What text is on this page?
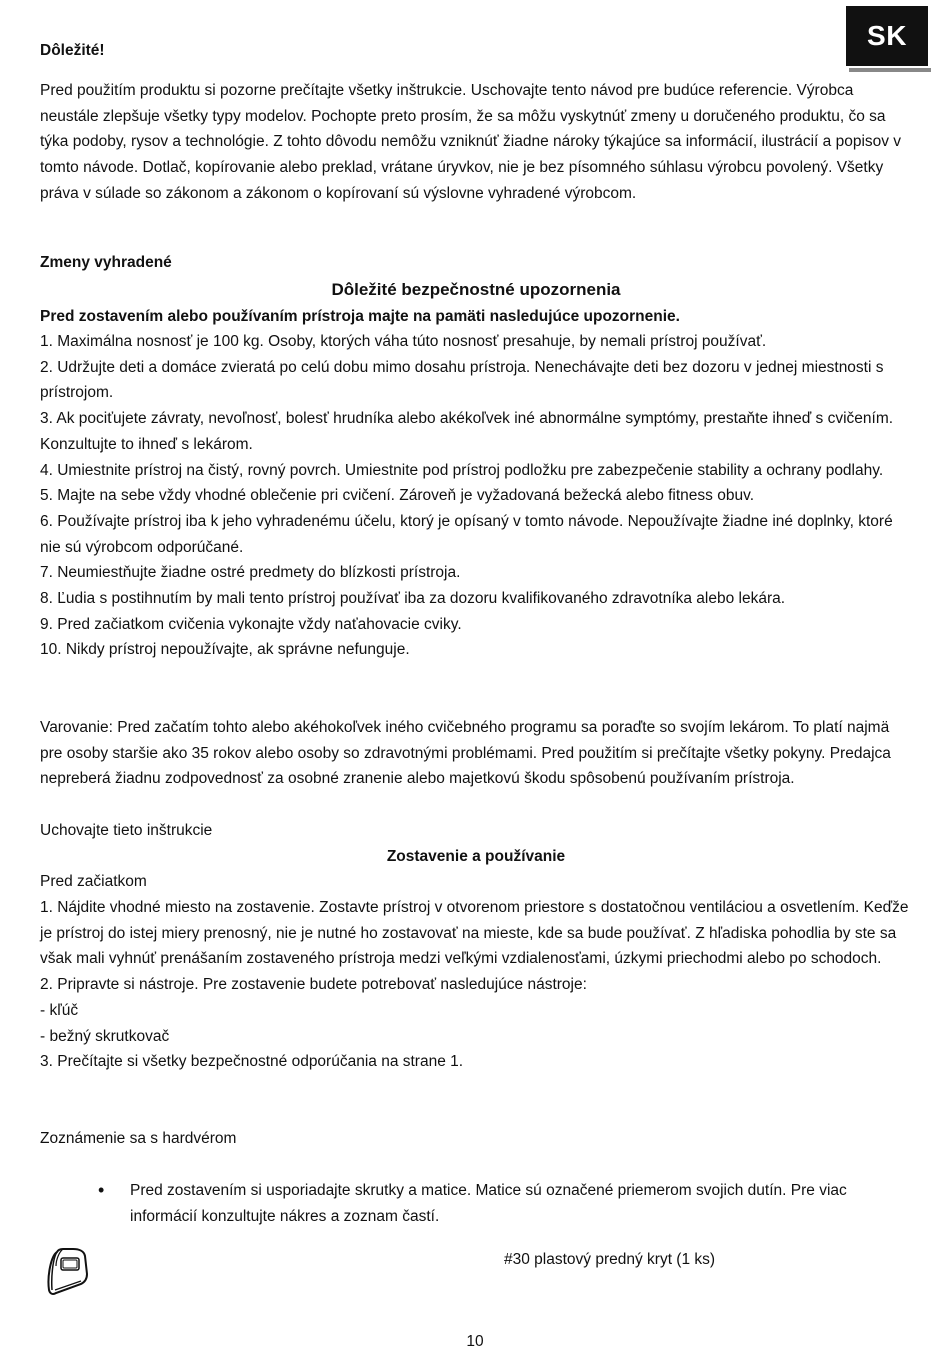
SK
Dôležité!

Pred použitím produktu si pozorne prečítajte všetky inštrukcie. Uschovajte tento návod pre budúce referencie. Výrobca neustále zlepšuje všetky typy modelov. Pochopte preto prosím, že sa môžu vyskytnúť zmeny u doručeného produktu, čo sa týka podoby, rysov a technológie. Z tohto dôvodu nemôžu vzniknúť žiadne nároky týkajúce sa informácií, ilustrácií a popisov v tomto návode. Dotlač, kopírovanie alebo preklad, vrátane úryvkov, nie je bez písomného súhlasu výrobcu povolený. Všetky práva v súlade so zákonom a zákonom o kopírovaní sú výslovne vyhradené výrobcom.

Zmeny vyhradené
Dôležité bezpečnostné upozornenia
Pred zostavením alebo používaním prístroja majte na pamäti nasledujúce upozornenie.
1. Maximálna nosnosť je 100 kg. Osoby, ktorých váha túto nosnosť presahuje, by nemali prístroj používať.
2. Udržujte deti a domáce zvieratá po celú dobu mimo dosahu prístroja. Nenechávajte deti bez dozoru v jednej miestnosti s prístrojom.
3. Ak pociťujete závraty, nevoľnosť, bolesť hrudníka alebo akékoľvek iné abnormálne symptómy, prestaňte ihneď s cvičením. Konzultujte to ihneď s lekárom.
4. Umiestnite prístroj na čistý, rovný povrch. Umiestnite pod prístroj podložku pre zabezpečenie stability a ochrany podlahy.
5. Majte na sebe vždy vhodné oblečenie pri cvičení. Zároveň je vyžadovaná bežecká alebo fitness obuv.
6. Používajte prístroj iba k jeho vyhradenému účelu, ktorý je opísaný v tomto návode. Nepoužívajte žiadne iné doplnky, ktoré nie sú výrobcom odporúčané.
7. Neumiestňujte žiadne ostré predmety do blízkosti prístroja.
8. Ľudia s postihnutím by mali tento prístroj používať iba za dozoru kvalifikovaného zdravotníka alebo lekára.
9. Pred začiatkom cvičenia vykonajte vždy naťahovacie cviky.
10. Nikdy prístroj nepoužívajte, ak správne nefunguje.

Varovanie: Pred začatím tohto alebo akéhokoľvek iného cvičebného programu sa poraďte so svojím lekárom. To platí najmä pre osoby staršie ako 35 rokov alebo osoby so zdravotnými problémami. Pred použitím si prečítajte všetky pokyny. Predajca nepreberá žiadnu zodpovednosť za osobné zranenie alebo majetkovú škodu spôsobenú používaním prístroja.

Uchovajte tieto inštrukcie
Zostavenie a používanie
Pred začiatkom
1. Nájdite vhodné miesto na zostavenie. Zostavte prístroj v otvorenom priestore s dostatočnou ventiláciou a osvetlením. Keďže je prístroj do istej miery prenosný, nie je nutné ho zostavovať na mieste, kde sa bude používať. Z hľadiska pohodlia by ste sa však mali vyhnúť prenášaním zostaveného prístroja medzi veľkými vzdialenosťami, úzkymi priechodmi alebo po schodoch.
2. Pripravte si nástroje. Pre zostavenie budete potrebovať nasledujúce nástroje:
- kľúč
- bežný skrutkovač
3. Prečítajte si všetky bezpečnostné odporúčania na strane 1.
Zoznámenie sa s hardvérom
• Pred zostavením si usporiadajte skrutky a matice. Matice sú označené priemerom svojich dutín. Pre viac informácií konzultujte nákres a zoznam častí.
#30 plastový predný kryt (1 ks)
10
